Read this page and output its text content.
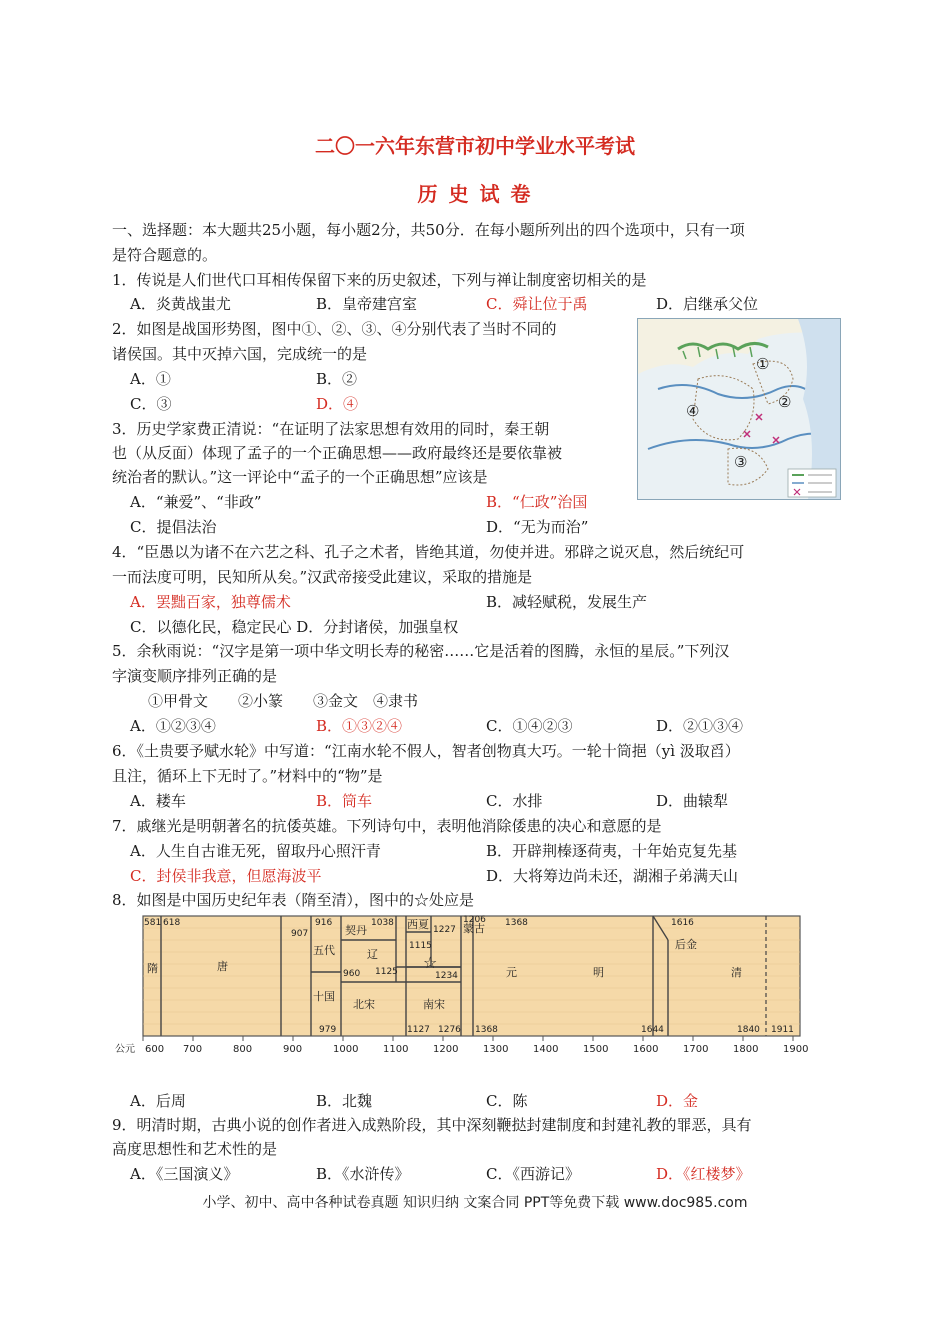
二〇一六年东营市初中学业水平考试
历 史 试 卷
一、选择题：本大题共25小题，每小题2分，共50分．在每小题所列出的四个选项中，只有一项
是符合题意的。
1．传说是人们世代口耳相传保留下来的历史叙述，下列与禅让制度密切相关的是
A．炎黄战蚩尤	B．皇帝建宫室	C．舜让位于禹	D．启继承父位
2．如图是战国形势图，图中①、②、③、④分别代表了当时不同的
诸侯国。其中灭掉六国，完成统一的是
A．①	B．②
C．③	D．④
①
②
③
④
3．历史学家费正清说：“在证明了法家思想有效用的同时，秦王朝
也（从反面）体现了孟子的一个正确思想——政府最终还是要依靠被
统治者的默认。”这一评论中“孟子的一个正确思想”应该是
A．“兼爱”、“非政”	B．“仁政”治国
C．提倡法治	D．“无为而治”
4．“臣愚以为诸不在六艺之科、孔子之术者，皆绝其道，勿使并进。邪辟之说灭息，然后统纪可
一而法度可明，民知所从矣。”汉武帝接受此建议，采取的措施是
A．罢黜百家，独尊儒术	B．减轻赋税，发展生产
C．以德化民，稳定民心 D．分封诸侯，加强皇权
5．余秋雨说：“汉字是第一项中华文明长寿的秘密……它是活着的图腾，永恒的星辰。”下列汉
字演变顺序排列正确的是
①甲骨文　　②小篆　　③金文　④隶书
A．①②③④	B．①③②④	C．①④②③	D．②①③④
6．《土贵要予赋水轮》中写道：“江南水轮不假人，智者创物真大巧。一轮十筒挹（yì 汲取舀）
且注，循环上下无时了。”材料中的“物”是
A．耧车	B．筒车	C．水排	D．曲辕犁
7．戚继光是明朝著名的抗倭英雄。下列诗句中，表明他消除倭患的决心和意愿的是
A．人生自古谁无死，留取丹心照汗青	B．开辟荆榛逐荷夷，十年始克复先基
C．封侯非我意，但愿海波平	D．大将筹边尚未还，湖湘子弟满天山
8．如图是中国历史纪年表（隋至清），图中的☆处应是
600 700	800	900	1000 1100 1200 1300 1400 1500 1600 1700 1800 1900
隋	唐
五代
十国
契丹
辽
西夏	蒙古
北宋	南宋
元	明
后金
清
581 618
907
916	1038	1206
1227
1115
1125
960	1234
979	1127 1276
1368
1368	1644
1616
1840 1911
☆
公元
A．后周	B．北魏	C．陈	D．金
9．明清时期，古典小说的创作者进入成熟阶段，其中深刻鞭挞封建制度和封建礼教的罪恶，具有
高度思想性和艺术性的是
A．《三国演义》	B．《水浒传》	C．《西游记》	D．《红楼梦》
小学、初中、高中各种试卷真题 知识归纳 文案合同 PPT等免费下载 www.doc985.com
